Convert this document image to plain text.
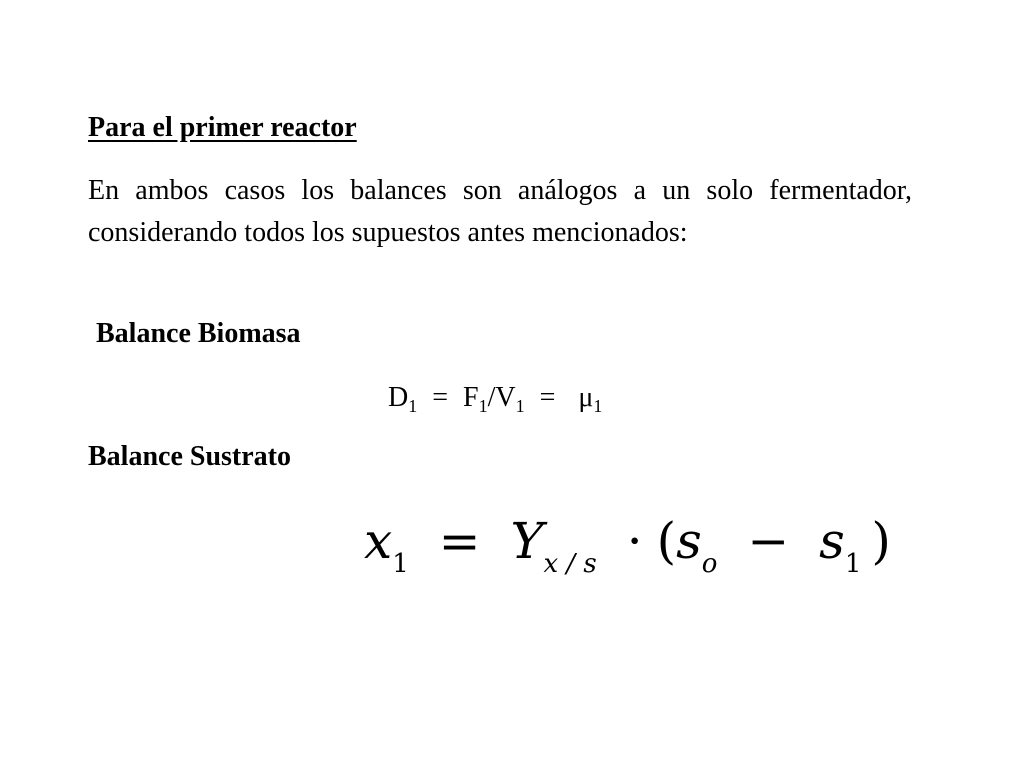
Para el primer reactor
En ambos casos los balances son análogos a un solo fermentador, considerando todos los supuestos antes mencionados:
Balance Biomasa
$D_1 = F_1/V_1 = \mu_1$
Balance Sustrato
$x_1 = Y_{x / s} \cdot (s_o - s_1$ )
